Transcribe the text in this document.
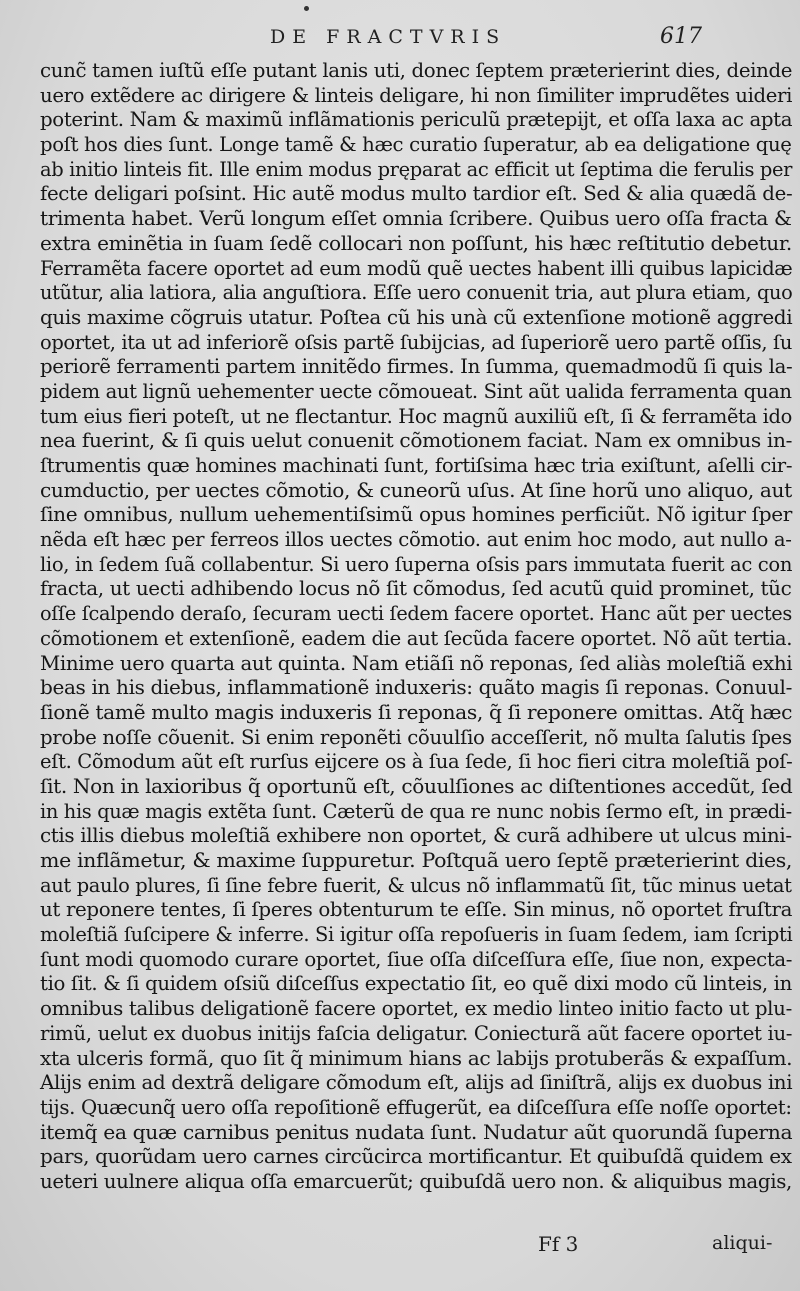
DE FRACTVRIS	617
cunc̃ tamen iuſtũ eſſe putant lanis uti, donec ſeptem præterierint dies, deinde
uero extẽdere ac dirigere & linteis deligare, hi non ſimiliter imprudẽtes uideri
poterint. Nam & maximũ inflãmationis periculũ prætерijt, et oſſa laxa ac apta
poſt hos dies ſunt. Longe tamẽ & hæc curatio ſuperatur, ab ea deligatione quę
ab initio linteis fit. Ille enim modus pręparat ac efficit ut ſeptima die ferulis per
fecte deligari poſsint. Hic autẽ modus multo tardior eſt. Sed & alia quædã de-
trimenta habet. Verũ longum eſſet omnia ſcribere. Quibus uero oſſa fracta &
extra eminẽtia in ſuam ſedẽ collocari non poſſunt, his hæc reſtitutio debetur.
Ferramẽta facere oportet ad eum modũ quẽ uectes habent illi quibus lapicidæ
utũtur, alia latiora, alia anguſtiora. Eſſe uero conuenit tria, aut plura etiam, quo
quis maxime cõgruis utatur. Poſtea cũ his unà cũ extenſione motionẽ aggredi
oportet, ita ut ad inferiorẽ oſsis partẽ ſubijcias, ad ſuperiorẽ uero partẽ oſſis, ſu
periorẽ ferramenti partem innitẽdo firmes. In ſumma, quemadmodũ ſi quis la-
pidem aut lignũ uehementer uecte cõmoueat. Sint aũt ualida ferramenta quan
tum eius fieri poteſt, ut ne flectantur. Hoc magnũ auxiliũ eſt, ſi & ferramẽta ido
nea fuerint, & ſi quis uelut conuenit cõmotionem faciat. Nam ex omnibus in-
ſtrumentis quæ homines machinati ſunt, fortiſsima hæc tria exiſtunt, aſelli cir-
cumductio, per uectes cõmotio, & cuneorũ uſus. At ſine horũ uno aliquo, aut
ſine omnibus, nullum uehementiſsimũ opus homines perficiũt. Nõ igitur ſper
nẽda eſt hæc per ferreos illos uectes cõmotio. aut enim hoc modo, aut nullo a-
lio, in ſedem ſuã collabentur. Si uero ſuperna oſsis pars immutata fuerit ac con
fracta, ut uecti adhibendo locus nõ ſit cõmodus, ſed acutũ quid prominet, tũc
oſſe ſcalpendo deraſo, ſecuram uecti ſedem facere oportet. Hanc aũt per uectes
cõmotionem et extenſionẽ, eadem die aut ſecũda facere oportet. Nõ aũt tertia.
Minime uero quarta aut quinta. Nam etiãſi nõ reponas, ſed aliàs moleſtiã exhi
beas in his diebus, inflammationẽ induxeris: quãto magis ſi reponas. Conuul-
ſionẽ tamẽ multo magis induxeris ſi reponas, q̃ ſi reponere omittas. Atq̃ hæc
probe noſſe cõuenit. Si enim reponẽti cõuulſio acceſſerit, nõ multa ſalutis ſpes
eſt. Cõmodum aũt eſt rurſus eijcere os à ſua ſede, ſi hoc fieri citra moleſtiã poſ-
ſit. Non in laxioribus q̃ oportunũ eſt, cõuulſiones ac diſtentiones accedũt, ſed
in his quæ magis extẽta ſunt. Cæterũ de qua re nunc nobis ſermo eſt, in prædi-
ctis illis diebus moleſtiã exhibere non oportet, & curã adhibere ut ulcus mini-
me inflãmetur, & maxime ſuppuretur. Poſtquã uero ſeptẽ præterierint dies,
aut paulo plures, ſi ſine febre fuerit, & ulcus nõ inflammatũ ſit, tũc minus uetat
ut reponere tentes, ſi ſperes obtenturum te eſſe. Sin minus, nõ oportet fruſtra
moleſtiã ſuſcipere & inferre. Si igitur oſſa repoſueris in ſuam ſedem, iam ſcripti
ſunt modi quomodo curare oportet, ſiue oſſa diſceſſura eſſe, ſiue non, expecta-
tio ſit. & ſi quidem oſsiũ diſceſſus expectatio ſit, eo quẽ dixi modo cũ linteis, in
omnibus talibus deligationẽ facere oportet, ex medio linteo initio facto ut plu-
rimũ, uelut ex duobus initijs faſcia deligatur. Coniecturã aũt facere oportet iu-
xta ulceris formã, quo ſit q̃ minimum hians ac labijs protuberãs & expaſſum.
Alijs enim ad dextrã deligare cõmodum eſt, alijs ad ſiniſtrã, alijs ex duobus ini
tijs. Quæcunq̃ uero oſſa repoſitionẽ effugerũt, ea diſceſſura eſſe noſſe oportet:
itemq̃ ea quæ carnibus penitus nudata ſunt. Nudatur aũt quorundã ſuperna
pars, quorũdam uero carnes circũcirca mortificantur. Et quibuſdã quidem ex
ueteri uulnere aliqua oſſa emarcuerũt; quibuſdã uero non. & aliquibus magis,
Ff 3	aliqui-
